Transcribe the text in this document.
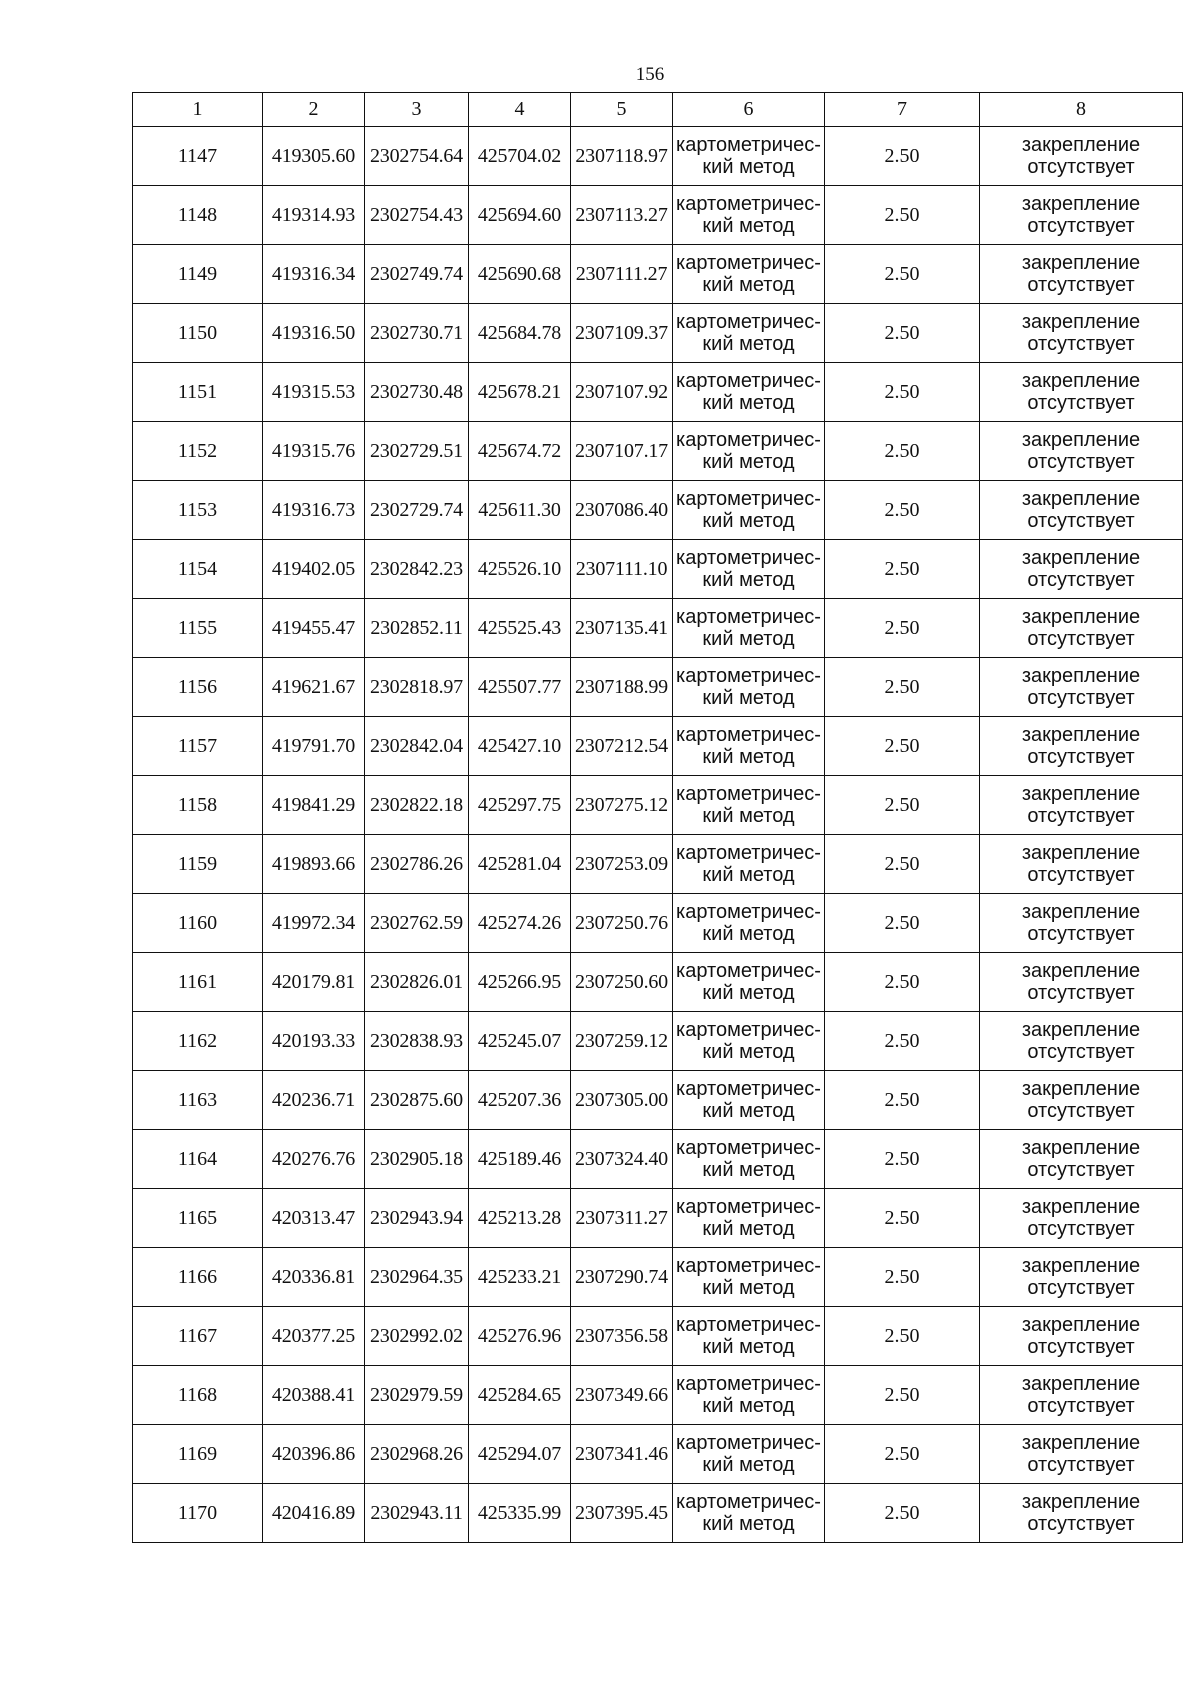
156
1	2	3	4	5	6	7	8
1147	419305.60	2302754.64	425704.02	2307118.97	картометричес-
кий метод	2.50	закрепление
отсутствует

1148	419314.93	2302754.43	425694.60	2307113.27	картометричес-
кий метод	2.50	закрепление
отсутствует

1149	419316.34	2302749.74	425690.68	2307111.27	картометричес-
кий метод	2.50	закрепление
отсутствует

1150	419316.50	2302730.71	425684.78	2307109.37	картометричес-
кий метод	2.50	закрепление
отсутствует

1151	419315.53	2302730.48	425678.21	2307107.92	картометричес-
кий метод	2.50	закрепление
отсутствует

1152	419315.76	2302729.51	425674.72	2307107.17	картометричес-
кий метод	2.50	закрепление
отсутствует

1153	419316.73	2302729.74	425611.30	2307086.40	картометричес-
кий метод	2.50	закрепление
отсутствует

1154	419402.05	2302842.23	425526.10	2307111.10	картометричес-
кий метод	2.50	закрепление
отсутствует

1155	419455.47	2302852.11	425525.43	2307135.41	картометричес-
кий метод	2.50	закрепление
отсутствует

1156	419621.67	2302818.97	425507.77	2307188.99	картометричес-
кий метод	2.50	закрепление
отсутствует

1157	419791.70	2302842.04	425427.10	2307212.54	картометричес-
кий метод	2.50	закрепление
отсутствует

1158	419841.29	2302822.18	425297.75	2307275.12	картометричес-
кий метод	2.50	закрепление
отсутствует

1159	419893.66	2302786.26	425281.04	2307253.09	картометричес-
кий метод	2.50	закрепление
отсутствует

1160	419972.34	2302762.59	425274.26	2307250.76	картометричес-
кий метод	2.50	закрепление
отсутствует

1161	420179.81	2302826.01	425266.95	2307250.60	картометричес-
кий метод	2.50	закрепление
отсутствует

1162	420193.33	2302838.93	425245.07	2307259.12	картометричес-
кий метод	2.50	закрепление
отсутствует

1163	420236.71	2302875.60	425207.36	2307305.00	картометричес-
кий метод	2.50	закрепление
отсутствует

1164	420276.76	2302905.18	425189.46	2307324.40	картометричес-
кий метод	2.50	закрепление
отсутствует

1165	420313.47	2302943.94	425213.28	2307311.27	картометричес-
кий метод	2.50	закрепление
отсутствует

1166	420336.81	2302964.35	425233.21	2307290.74	картометричес-
кий метод	2.50	закрепление
отсутствует

1167	420377.25	2302992.02	425276.96	2307356.58	картометричес-
кий метод	2.50	закрепление
отсутствует

1168	420388.41	2302979.59	425284.65	2307349.66	картометричес-
кий метод	2.50	закрепление
отсутствует

1169	420396.86	2302968.26	425294.07	2307341.46	картометричес-
кий метод	2.50	закрепление
отсутствует

1170	420416.89	2302943.11	425335.99	2307395.45	картометричес-
кий метод	2.50	закрепление
отсутствует
